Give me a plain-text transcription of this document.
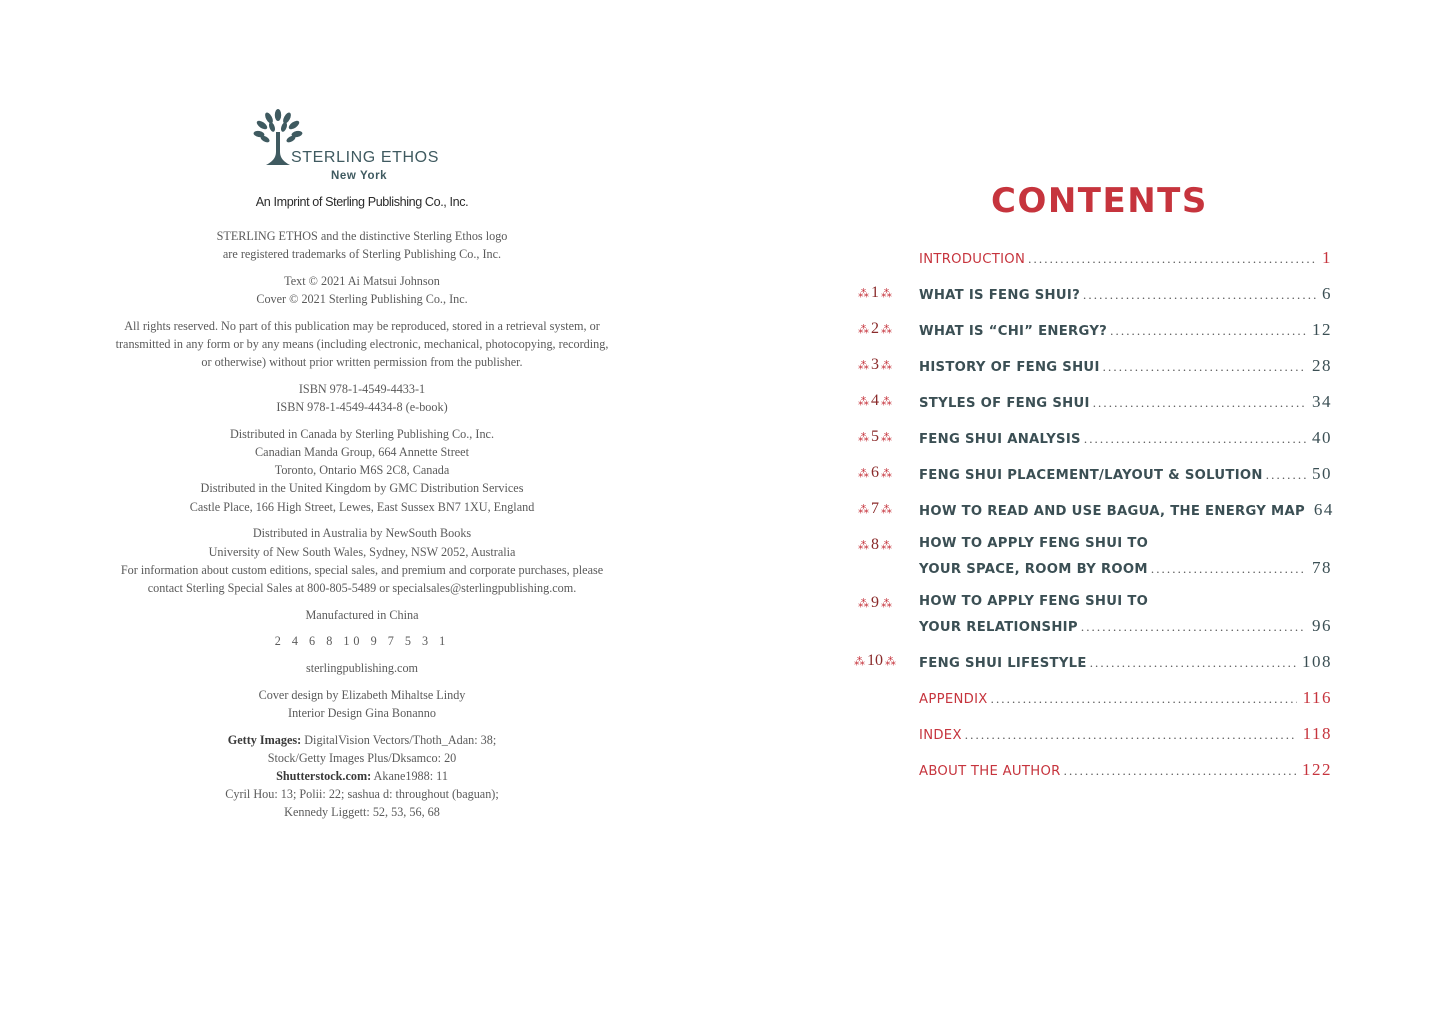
STERLING ETHOS
New York
An Imprint of Sterling Publishing Co., Inc.
STERLING ETHOS and the distinctive Sterling Ethos logo
are registered trademarks of Sterling Publishing Co., Inc.
Text © 2021 Ai Matsui Johnson
Cover © 2021 Sterling Publishing Co., Inc.
All rights reserved. No part of this publication may be reproduced, stored in a retrieval system, or
transmitted in any form or by any means (including electronic, mechanical, photocopying, recording,
or otherwise) without prior written permission from the publisher.
ISBN 978-1-4549-4433-1
ISBN 978-1-4549-4434-8 (e-book)
Distributed in Canada by Sterling Publishing Co., Inc.
Canadian Manda Group, 664 Annette Street
Toronto, Ontario M6S 2C8, Canada
Distributed in the United Kingdom by GMC Distribution Services
Castle Place, 166 High Street, Lewes, East Sussex BN7 1XU, England
Distributed in Australia by NewSouth Books
University of New South Wales, Sydney, NSW 2052, Australia
For information about custom editions, special sales, and premium and corporate purchases, please
contact Sterling Special Sales at 800-805-5489 or specialsales@sterlingpublishing.com.
Manufactured in China
2 4 6 8 10 9 7 5 3 1
sterlingpublishing.com
Cover design by Elizabeth Mihaltse Lindy
Interior Design Gina Bonanno
Getty Images: DigitalVision Vectors/Thoth_Adan: 38;
Stock/Getty Images Plus/Dksamco: 20
Shutterstock.com: Akane1988: 11
Cyril Hou: 13; Polii: 22; sashua d: throughout (baguan);
Kennedy Liggett: 52, 53, 56, 68
CONTENTS
INTRODUCTION .....	1
⁂ 1 ⁂	WHAT IS FENG SHUI? .....	6
⁂ 2 ⁂	WHAT IS “CHI” ENERGY? .....	12
⁂ 3 ⁂	HISTORY OF FENG SHUI .....	28
⁂ 4 ⁂	STYLES OF FENG SHUI .....	34
⁂ 5 ⁂	FENG SHUI ANALYSIS .....	40
⁂ 6 ⁂	FENG SHUI PLACEMENT/LAYOUT & SOLUTION .....	50
⁂ 7 ⁂	HOW TO READ AND USE BAGUA, THE ENERGY MAP 64
⁂ 8 ⁂	HOW TO APPLY FENG SHUI TO
YOUR SPACE, ROOM BY ROOM .....	78
⁂ 9 ⁂	HOW TO APPLY FENG SHUI TO
YOUR RELATIONSHIP .....	96
⁂ 10 ⁂	FENG SHUI LIFESTYLE .....	108
APPENDIX .....	116
INDEX .....	118
ABOUT THE AUTHOR .....	122
